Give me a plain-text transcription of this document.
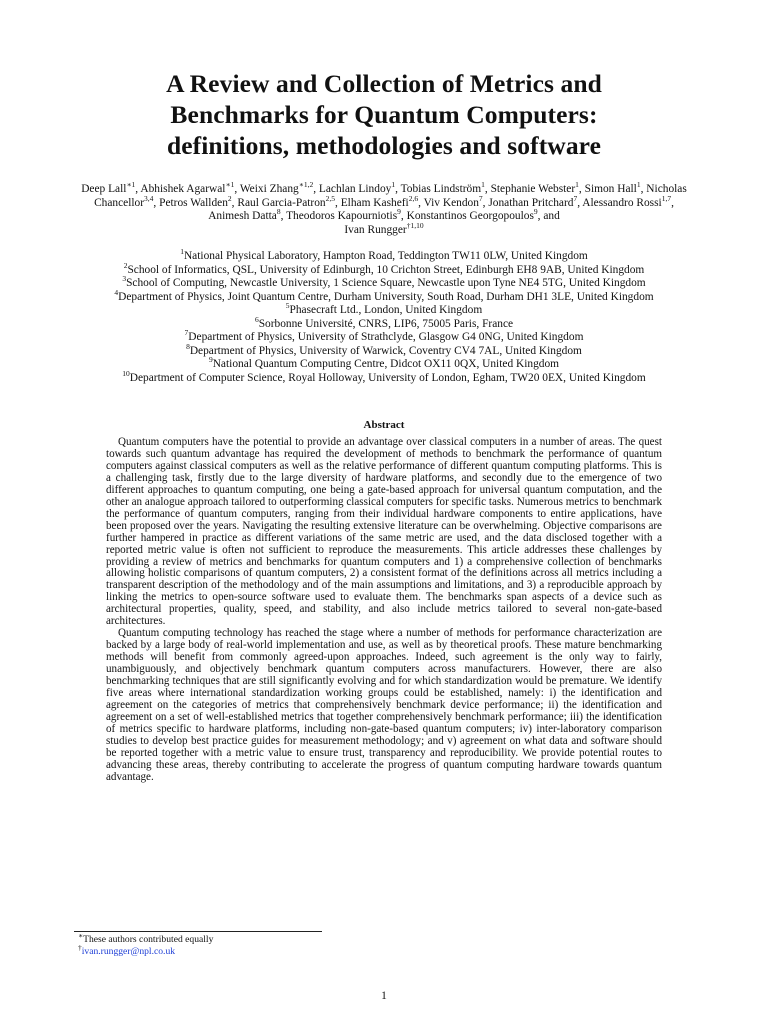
A Review and Collection of Metrics and
Benchmarks for Quantum Computers:
definitions, methodologies and software
Deep Lall$^{∗1}$, Abhishek Agarwal$^{∗1}$, Weixi Zhang$^{∗1,2}$, Lachlan Lindoy$^1$, Tobias Lindström$^1$, Stephanie Webster$^1$, Simon Hall$^1$, Nicholas Chancellor$^{3,4}$, Petros Wallden$^2$, Raul Garcia-Patron$^{2,5}$, Elham Kashefi$^{2,6}$, Viv Kendon$^7$, Jonathan Pritchard$^7$, Alessandro Rossi$^{1,7}$, Animesh Datta$^8$, Theodoros Kapourniotis$^9$, Konstantinos Georgopoulos$^9$, and
Ivan Rungger$^{\dagger 1,10}$
$^1$National Physical Laboratory, Hampton Road, Teddington TW11 0LW, United Kingdom
$^2$School of Informatics, QSL, University of Edinburgh, 10 Crichton Street, Edinburgh EH8 9AB, United Kingdom
$^3$School of Computing, Newcastle University, 1 Science Square, Newcastle upon Tyne NE4 5TG, United Kingdom
$^4$Department of Physics, Joint Quantum Centre, Durham University, South Road, Durham DH1 3LE, United Kingdom
$^5$Phasecraft Ltd., London, United Kingdom
$^6$Sorbonne Université, CNRS, LIP6, 75005 Paris, France
$^7$Department of Physics, University of Strathclyde, Glasgow G4 0NG, United Kingdom
$^8$Department of Physics, University of Warwick, Coventry CV4 7AL, United Kingdom
$^9$National Quantum Computing Centre, Didcot OX11 0QX, United Kingdom
$^{10}$Department of Computer Science, Royal Holloway, University of London, Egham, TW20 0EX, United Kingdom
Abstract

Quantum computers have the potential to provide an advantage over classical computers in a number of areas. The quest towards such quantum advantage has required the development of methods to benchmark the performance of quantum computers against classical computers as well as the relative performance of different quantum computing platforms. This is a challenging task, firstly due to the large diversity of hardware platforms, and secondly due to the emergence of two different approaches to quantum computing, one being a gate-based approach for universal quantum computation, and the other an analogue approach tailored to outperforming classical computers for specific tasks. Numerous metrics to benchmark the performance of quantum computers, ranging from their individual hardware components to entire applications, have been proposed over the years. Navigating the resulting extensive literature can be overwhelming. Objective comparisons are further hampered in practice as different variations of the same metric are used, and the data disclosed together with a reported metric value is often not sufficient to reproduce the measurements. This article addresses these challenges by providing a review of metrics and benchmarks for quantum computers and 1) a comprehensive collection of benchmarks allowing holistic comparisons of quantum computers, 2) a consistent format of the definitions across all metrics including a transparent description of the methodology and of the main assumptions and limitations, and 3) a reproducible approach by linking the metrics to open-source software used to evaluate them. The benchmarks span aspects of a device such as architectural properties, quality, speed, and stability, and also include metrics tailored to several non-gate-based architectures.

Quantum computing technology has reached the stage where a number of methods for performance characterization are backed by a large body of real-world implementation and use, as well as by theoretical proofs. These mature benchmarking methods will benefit from commonly agreed-upon approaches. Indeed, such agreement is the only way to fairly, unambiguously, and objectively benchmark quantum computers across manufacturers. However, there are also benchmarking techniques that are still significantly evolving and for which standardization would be premature. We identify five areas where international standardization working groups could be established, namely: i) the identification and agreement on the categories of metrics that comprehensively benchmark device performance; ii) the identification and agreement on a set of well-established metrics that together comprehensively benchmark performance; iii) the identification of metrics specific to hardware platforms, including non-gate-based quantum computers; iv) inter-laboratory comparison studies to develop best practice guides for measurement methodology; and v) agreement on what data and software should be reported together with a metric value to ensure trust, transparency and reproducibility. We provide potential routes to advancing these areas, thereby contributing to accelerate the progress of quantum computing hardware towards quantum advantage.

∗These authors contributed equally
†ivan.rungger@npl.co.uk
1
